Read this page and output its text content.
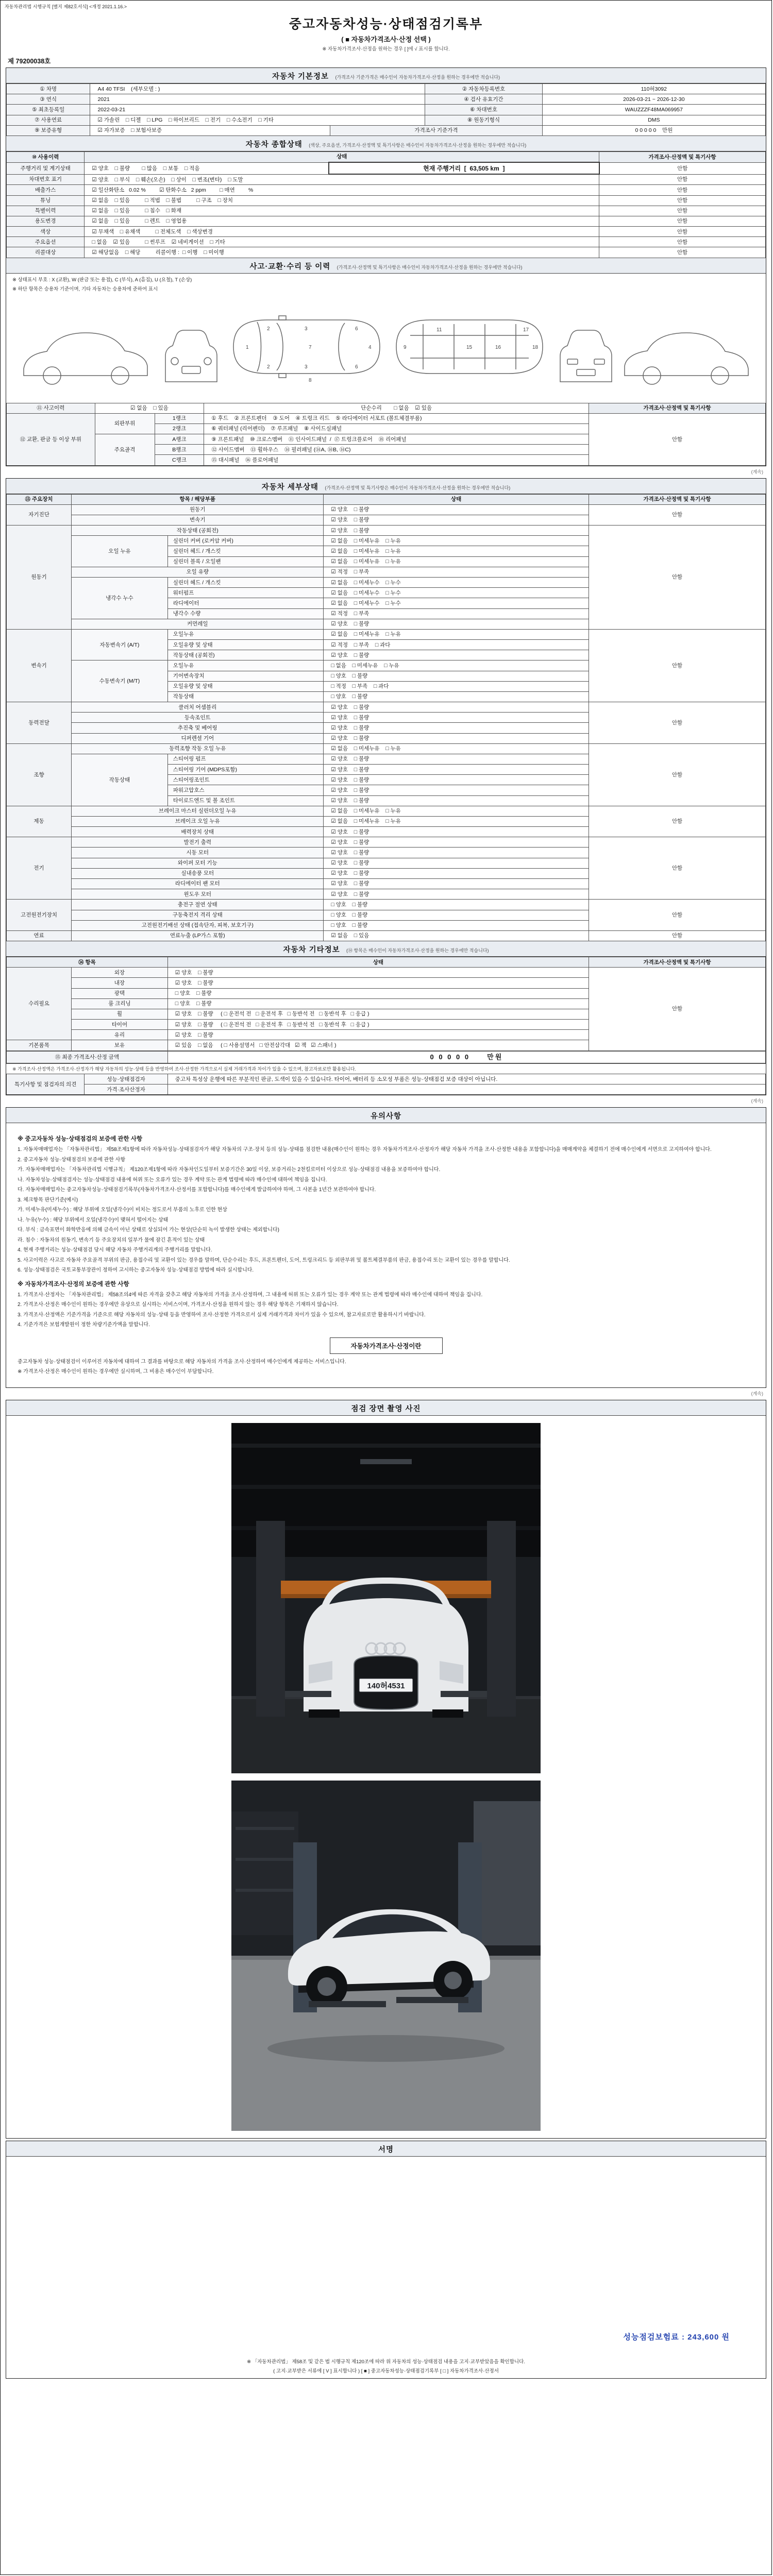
자동차관리법 시행규칙 [별지 제82호서식] <개정 2021.1.16.>
중고자동차성능·상태점검기록부
( ■ 자동차가격조사·산정 선택 )
※ 자동차가격조사·산정을 원하는 경우 [ ]에 √ 표시를 합니다.
제 79200038호
자동차 기본정보 (가격조사 기준가격은 매수인이 자동차가격조사·산정을 원하는 경우에만 적습니다)
① 차명	A4 40 TFSI    (세부모델 : )		② 자동차등록번호	110허3092
③ 연식	2021		④ 검사 유효기간	2026-03-21 ~ 2026-12-30
⑤ 최초등록일	2022-03-21		⑥ 차대번호	WAUZZZF48MA069957
⑦ 사용연료	☑ 가솔린    □ 디젤    □ LPG    □ 하이브리드    □ 전기    □ 수소전기    □ 기타		⑧ 원동기형식	DMS
⑨ 보증유형	☑ 자가보증    □ 보험사보증	가격조사 기준가격		0 0 0 0 0    만원
자동차 종합상태 (색상, 주요옵션, 가격조사·산정액 및 특기사항은 매수인이 자동차가격조사·산정을 원하는 경우에만 적습니다)
⑩ 사용이력	상태		가격조사·산정액 및 특기사항
주행거리 및 계기상태	☑ 양호    □ 불량        □ 많음    □ 보통    □ 적음	현재 주행거리  [  63,505 km  ]	안함
차대번호 표기	☑ 양호    □ 부식    □ 훼손(오손)    □ 상이    □ 변조(변타)    □ 도말		안함
배출가스	☑ 일산화탄소   0.02 %         ☑ 탄화수소   2 ppm         □ 매연         %		안함
튜닝	☑ 없음    □ 있음          □ 적법    □ 불법          □ 구조    □ 장치		안함
특별이력	☑ 없음    □ 있음          □ 침수    □ 화재		안함
용도변경	☑ 없음    □ 있음          □ 렌트    □ 영업용		안함
색상	☑ 무채색    □ 유채색          □ 전체도색    □ 색상변경		안함
주요옵션	□ 없음    ☑ 있음          □ 썬루프    ☑ 네비게이션    □ 기타		안함
리콜대상	☑ 해당없음    □ 해당          리콜이행 :  □ 이행    □ 미이행		안함
사고·교환·수리 등 이력 (가격조사·산정액 및 특기사항은 매수인이 자동차가격조사·산정을 원하는 경우에만 적습니다)
※ 상태표시 부호 : X (교환), W (판금 또는 용접), C (부식), A (흠집), U (요철), T (손상)
※ 하단 항목은 승용차 기준이며, 기타 자동차는 승용차에 준하여 표시
1
2
2
3
3
7
6
6
4
8
9
11
15	16
17
18
⑪ 사고이력	☑ 없음    □ 있음		단순수리        □ 없음    ☑ 있음	가격조사·산정액 및 특기사항
⑫ 교환, 판금 등 이상 부위	외판부위	1랭크	① 후드    ② 프론트펜더    ③ 도어    ④ 트렁크 리드    ⑤ 라디에이터 서포트 (볼트체결부품)	안함
		2랭크	⑥ 쿼터패널 (리어펜더)    ⑦ 루프패널    ⑧ 사이드실패널	
	주요골격	A랭크	⑨ 프론트패널    ⑩ 크로스멤버    ⑪ 인사이드패널  /  ⑰ 트렁크플로어    ⑱ 리어패널	
		B랭크	⑫ 사이드멤버    ⑬ 휠하우스    ⑭ 필러패널 (⑭A, ⑭B, ⑭C)	
		C랭크	⑮ 대시패널    ⑯ 플로어패널	
(계속)
자동차 세부상태 (가격조사·산정액 및 특기사항은 매수인이 자동차가격조사·산정을 원하는 경우에만 적습니다)
⑬ 주요장치	항목 / 해당부품		상태	가격조사·산정액 및 특기사항
자기진단	원동기		☑ 양호    □ 불량	안함
	변속기		☑ 양호    □ 불량	
원동기	작동상태 (공회전)		☑ 양호    □ 불량	안함
	오일 누유	실린더 커버 (로커암 커버)	☑ 없음    □ 미세누유    □ 누유	
		실린더 헤드 / 개스킷	☑ 없음    □ 미세누유    □ 누유	
		실린더 블록 / 오일팬	☑ 없음    □ 미세누유    □ 누유	
	오일 유량		☑ 적정    □ 부족	
	냉각수 누수	실린더 헤드 / 개스킷	☑ 없음    □ 미세누수    □ 누수	
		워터펌프	☑ 없음    □ 미세누수    □ 누수	
		라디에이터	☑ 없음    □ 미세누수    □ 누수	
		냉각수 수량	☑ 적정    □ 부족	
	커먼레일		☑ 양호    □ 불량	
변속기	자동변속기 (A/T)	오일누유	☑ 없음    □ 미세누유    □ 누유	안함
		오일유량 및 상태	☑ 적정    □ 부족    □ 과다	
		작동상태 (공회전)	☑ 양호    □ 불량	
	수동변속기 (M/T)	오일누유	□ 없음    □ 미세누유    □ 누유	
		기어변속장치	□ 양호    □ 불량	
		오일유량 및 상태	□ 적정    □ 부족    □ 과다	
		작동상태	□ 양호    □ 불량	
동력전달	클러치 어셈블리		☑ 양호    □ 불량	안함
	등속조인트		☑ 양호    □ 불량	
	추진축 및 베어링		☑ 양호    □ 불량	
	디퍼렌셜 기어		☑ 양호    □ 불량	
조향	동력조향 작동 오일 누유		☑ 없음    □ 미세누유    □ 누유	안함
	작동상태	스티어링 펌프	☑ 양호    □ 불량	
		스티어링 기어 (MDPS포함)	☑ 양호    □ 불량	
		스티어링조인트	☑ 양호    □ 불량	
		파워고압호스	☑ 양호    □ 불량	
		타이로드엔드 및 볼 조인트	☑ 양호    □ 불량	
제동	브레이크 마스터 실린더오일 누유		☑ 없음    □ 미세누유    □ 누유	안함
	브레이크 오일 누유		☑ 없음    □ 미세누유    □ 누유	
	배력장치 상태		☑ 양호    □ 불량	
전기	발전기 출력		☑ 양호    □ 불량	안함
	시동 모터		☑ 양호    □ 불량	
	와이퍼 모터 기능		☑ 양호    □ 불량	
	실내송풍 모터		☑ 양호    □ 불량	
	라디에이터 팬 모터		☑ 양호    □ 불량	
	윈도우 모터		☑ 양호    □ 불량	
고전원전기장치	충전구 절연 상태		□ 양호    □ 불량	안함
	구동축전지 격리 상태		□ 양호    □ 불량	
	고전원전기배선 상태 (접속단자, 피복, 보호기구)		□ 양호    □ 불량	
연료	연료누출 (LP가스 포함)		☑ 없음    □ 있음	안함
자동차 기타정보 (⑭ 항목은 매수인이 자동차가격조사·산정을 원하는 경우에만 적습니다)
⑭ 항목		상태	가격조사·산정액 및 특기사항
수리필요	외장	☑ 양호    □ 불량	안함
	내장	☑ 양호    □ 불량	
	광택	□ 양호    □ 불량	
	룸 크리닝	□ 양호    □ 불량	
	휠	☑ 양호    □ 불량     ( □ 운전석 전   □ 운전석 후   □ 동반석 전   □ 동반석 후   □ 응급 )	
	타이어	☑ 양호    □ 불량     ( □ 운전석 전   □ 운전석 후   □ 동반석 전   □ 동반석 후   □ 응급 )	
	유리	☑ 양호    □ 불량	
기본품목	보유	☑ 있음    □ 없음     ( □ 사용설명서   □ 안전삼각대   ☑ 잭   ☑ 스패너 )	
⑮ 최종 가격조사·산정 금액	0 0 0 0 0     만원
※ 가격조사·산정액은 가격조사·산정자가 해당 자동차의 성능·상태 등을 반영하여 조사·산정한 가격으로서 실제 거래가격과 차이가 있을 수 있으며, 참고자료로만 활용됩니다.
특기사항 및 점검자의 의견	성능·상태점검자	중고차 특성상 운행에 따른 부분적인 판금, 도색이 있을 수 있습니다. 타이어, 배터리 등 소모성 부품은 성능·상태점검 보증 대상이 아닙니다.
	가격·조사산정자	
(계속)
유의사항
※ 중고자동차 성능·상태점검의 보증에 관한 사항
1. 자동차매매업자는 「자동차관리법」 제58조제1항에 따라 자동차성능·상태점검자가 해당 자동차의 구조·장치 등의 성능·상태를 점검한 내용(매수인이 원하는 경우 자동차가격조사·산정자가 해당 자동차 가격을 조사·산정한 내용을 포함합니다)을 매매계약을 체결하기 전에 매수인에게 서면으로 고지하여야 합니다.
2. 중고자동차 성능·상태점검의 보증에 관한 사항
가. 자동차매매업자는 「자동차관리법 시행규칙」 제120조제1항에 따라 자동차인도일부터 보증기간은 30일 이상, 보증거리는 2천킬로미터 이상으로 성능·상태점검 내용을 보증하여야 합니다.
나. 자동차성능·상태점검자는 성능·상태점검 내용에 허위 또는 오류가 있는 경우 계약 또는 관계 법령에 따라 매수인에 대하여 책임을 집니다.
다. 자동차매매업자는 중고자동차성능·상태점검기록부(자동차가격조사·산정서를 포함합니다)를 매수인에게 발급하여야 하며, 그 사본을 1년간 보관하여야 합니다.
3. 체크항목 판단기준(예시)
가. 미세누유(미세누수) : 해당 부위에 오일(냉각수)이 비치는 정도로서 부품의 노후로 인한 현상
나. 누유(누수) : 해당 부위에서 오일(냉각수)이 맺혀서 떨어지는 상태
다. 부식 : 금속표면이 화학반응에 의해 금속이 아닌 상태로 상실되어 가는 현상(단순히 녹이 발생한 상태는 제외합니다)
라. 침수 : 자동차의 원동기, 변속기 등 주요장치의 일부가 물에 잠긴 흔적이 있는 상태
4. 현재 주행거리는 성능·상태점검 당시 해당 자동차 주행거리계의 주행거리를 말합니다.
5. 사고이력은 사고로 자동차 주요골격 부위의 판금, 용접수리 및 교환이 있는 경우를 말하며, 단순수리는 후드, 프론트펜더, 도어, 트렁크리드 등 외판부위 및 볼트체결부품의 판금, 용접수리 또는 교환이 있는 경우를 말합니다.
6. 성능·상태점검은 국토교통부장관이 정하여 고시하는 중고자동차 성능·상태점검 방법에 따라 실시합니다.
※ 자동차가격조사·산정의 보증에 관한 사항
1. 가격조사·산정자는 「자동차관리법」 제58조의4에 따른 자격을 갖추고 해당 자동차의 가격을 조사·산정하며, 그 내용에 허위 또는 오류가 있는 경우 계약 또는 관계 법령에 따라 매수인에 대하여 책임을 집니다.
2. 가격조사·산정은 매수인이 원하는 경우에만 유상으로 실시하는 서비스이며, 가격조사·산정을 원하지 않는 경우 해당 항목은 기재하지 않습니다.
3. 가격조사·산정액은 기준가격을 기준으로 해당 자동차의 성능·상태 등을 반영하여 조사·산정한 가격으로서 실제 거래가격과 차이가 있을 수 있으며, 참고자료로만 활용하시기 바랍니다.
4. 기준가격은 보험개발원이 정한 차량기준가액을 말합니다.
자동차가격조사·산정이란
중고자동차 성능·상태점검이 이루어진 자동차에 대하여 그 결과를 바탕으로 해당 자동차의 가격을 조사·산정하여 매수인에게 제공하는 서비스입니다.
※ 가격조사·산정은 매수인이 원하는 경우에만 실시하며, 그 비용은 매수인이 부담합니다.
(계속)
점검 장면 촬영 사진
140허4531
서명
성능점검보험료 : 243,600 원
※ 「자동차관리법」 제58조 및 같은 법 시행규칙 제120조에 따라 위 자동차의 성능·상태점검 내용을 고지·교부받았음을 확인합니다.
( 고지·교부받은 서류에 [ V ] 표시합니다 ) [ ■ ] 중고자동차성능·상태점검기록부 [ □ ] 자동차가격조사·산정서
